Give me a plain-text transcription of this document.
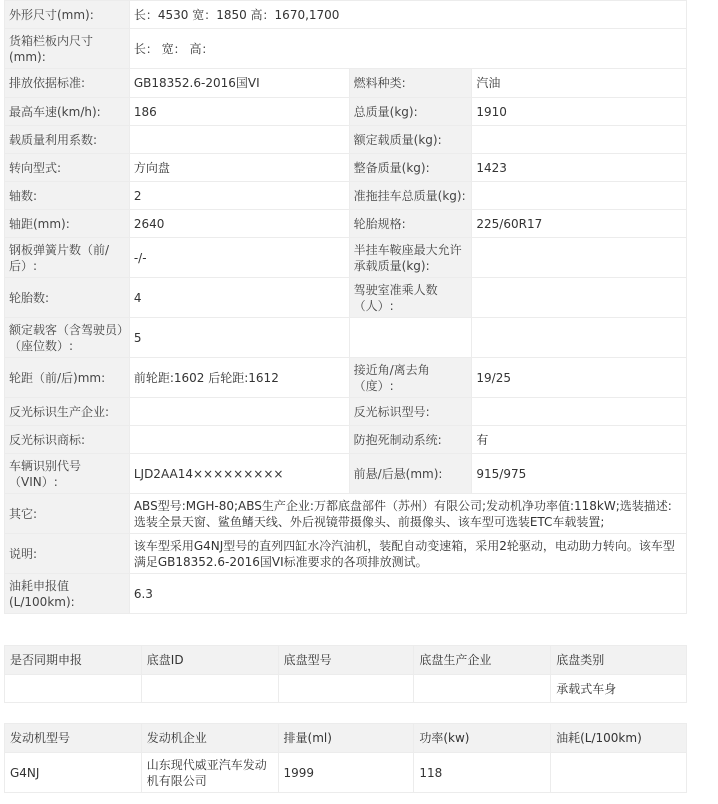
外形尺寸(mm):	长：4530 宽：1850 高：1670,1700		
货箱栏板内尺寸(mm):	长： 宽： 高：		
排放依据标准:	GB18352.6-2016国VI	燃料种类:	汽油
最高车速(km/h):	186	总质量(kg):	1910
载质量利用系数:		额定载质量(kg):	
转向型式:	方向盘	整备质量(kg):	1423
轴数:	2	准拖挂车总质量(kg):	
轴距(mm):	2640	轮胎规格:	225/60R17
钢板弹簧片数（前/后）:	-/-	半挂车鞍座最大允许承载质量(kg):	
轮胎数:	4	驾驶室准乘人数（人）:	
额定载客（含驾驶员）（座位数）:	5		
轮距（前/后)mm:	前轮距:1602 后轮距:1612	接近角/离去角（度）:	19/25
反光标识生产企业:		反光标识型号:	
反光标识商标:		防抱死制动系统:	有
车辆识别代号（VIN）:	LJD2AA14×××××××××	前悬/后悬(mm):	915/975
其它:	ABS型号:MGH-80;ABS生产企业:万都底盘部件（苏州）有限公司;发动机净功率值:118kW;选装描述:选装全景天窗、鲨鱼鳍天线、外后视镜带摄像头、前摄像头、该车型可选装ETC车载装置;		
说明:	该车型采用G4NJ型号的直列四缸水冷汽油机，装配自动变速箱，采用2轮驱动，电动助力转向。该车型满足GB18352.6-2016国VI标准要求的各项排放测试。		
油耗申报值(L/100km):	6.3		
是否同期申报	底盘ID	底盘型号	底盘生产企业	底盘类别
				承载式车身
发动机型号	发动机企业	排量(ml)	功率(kw)	油耗(L/100km)
G4NJ	山东现代威亚汽车发动机有限公司	1999	118	
